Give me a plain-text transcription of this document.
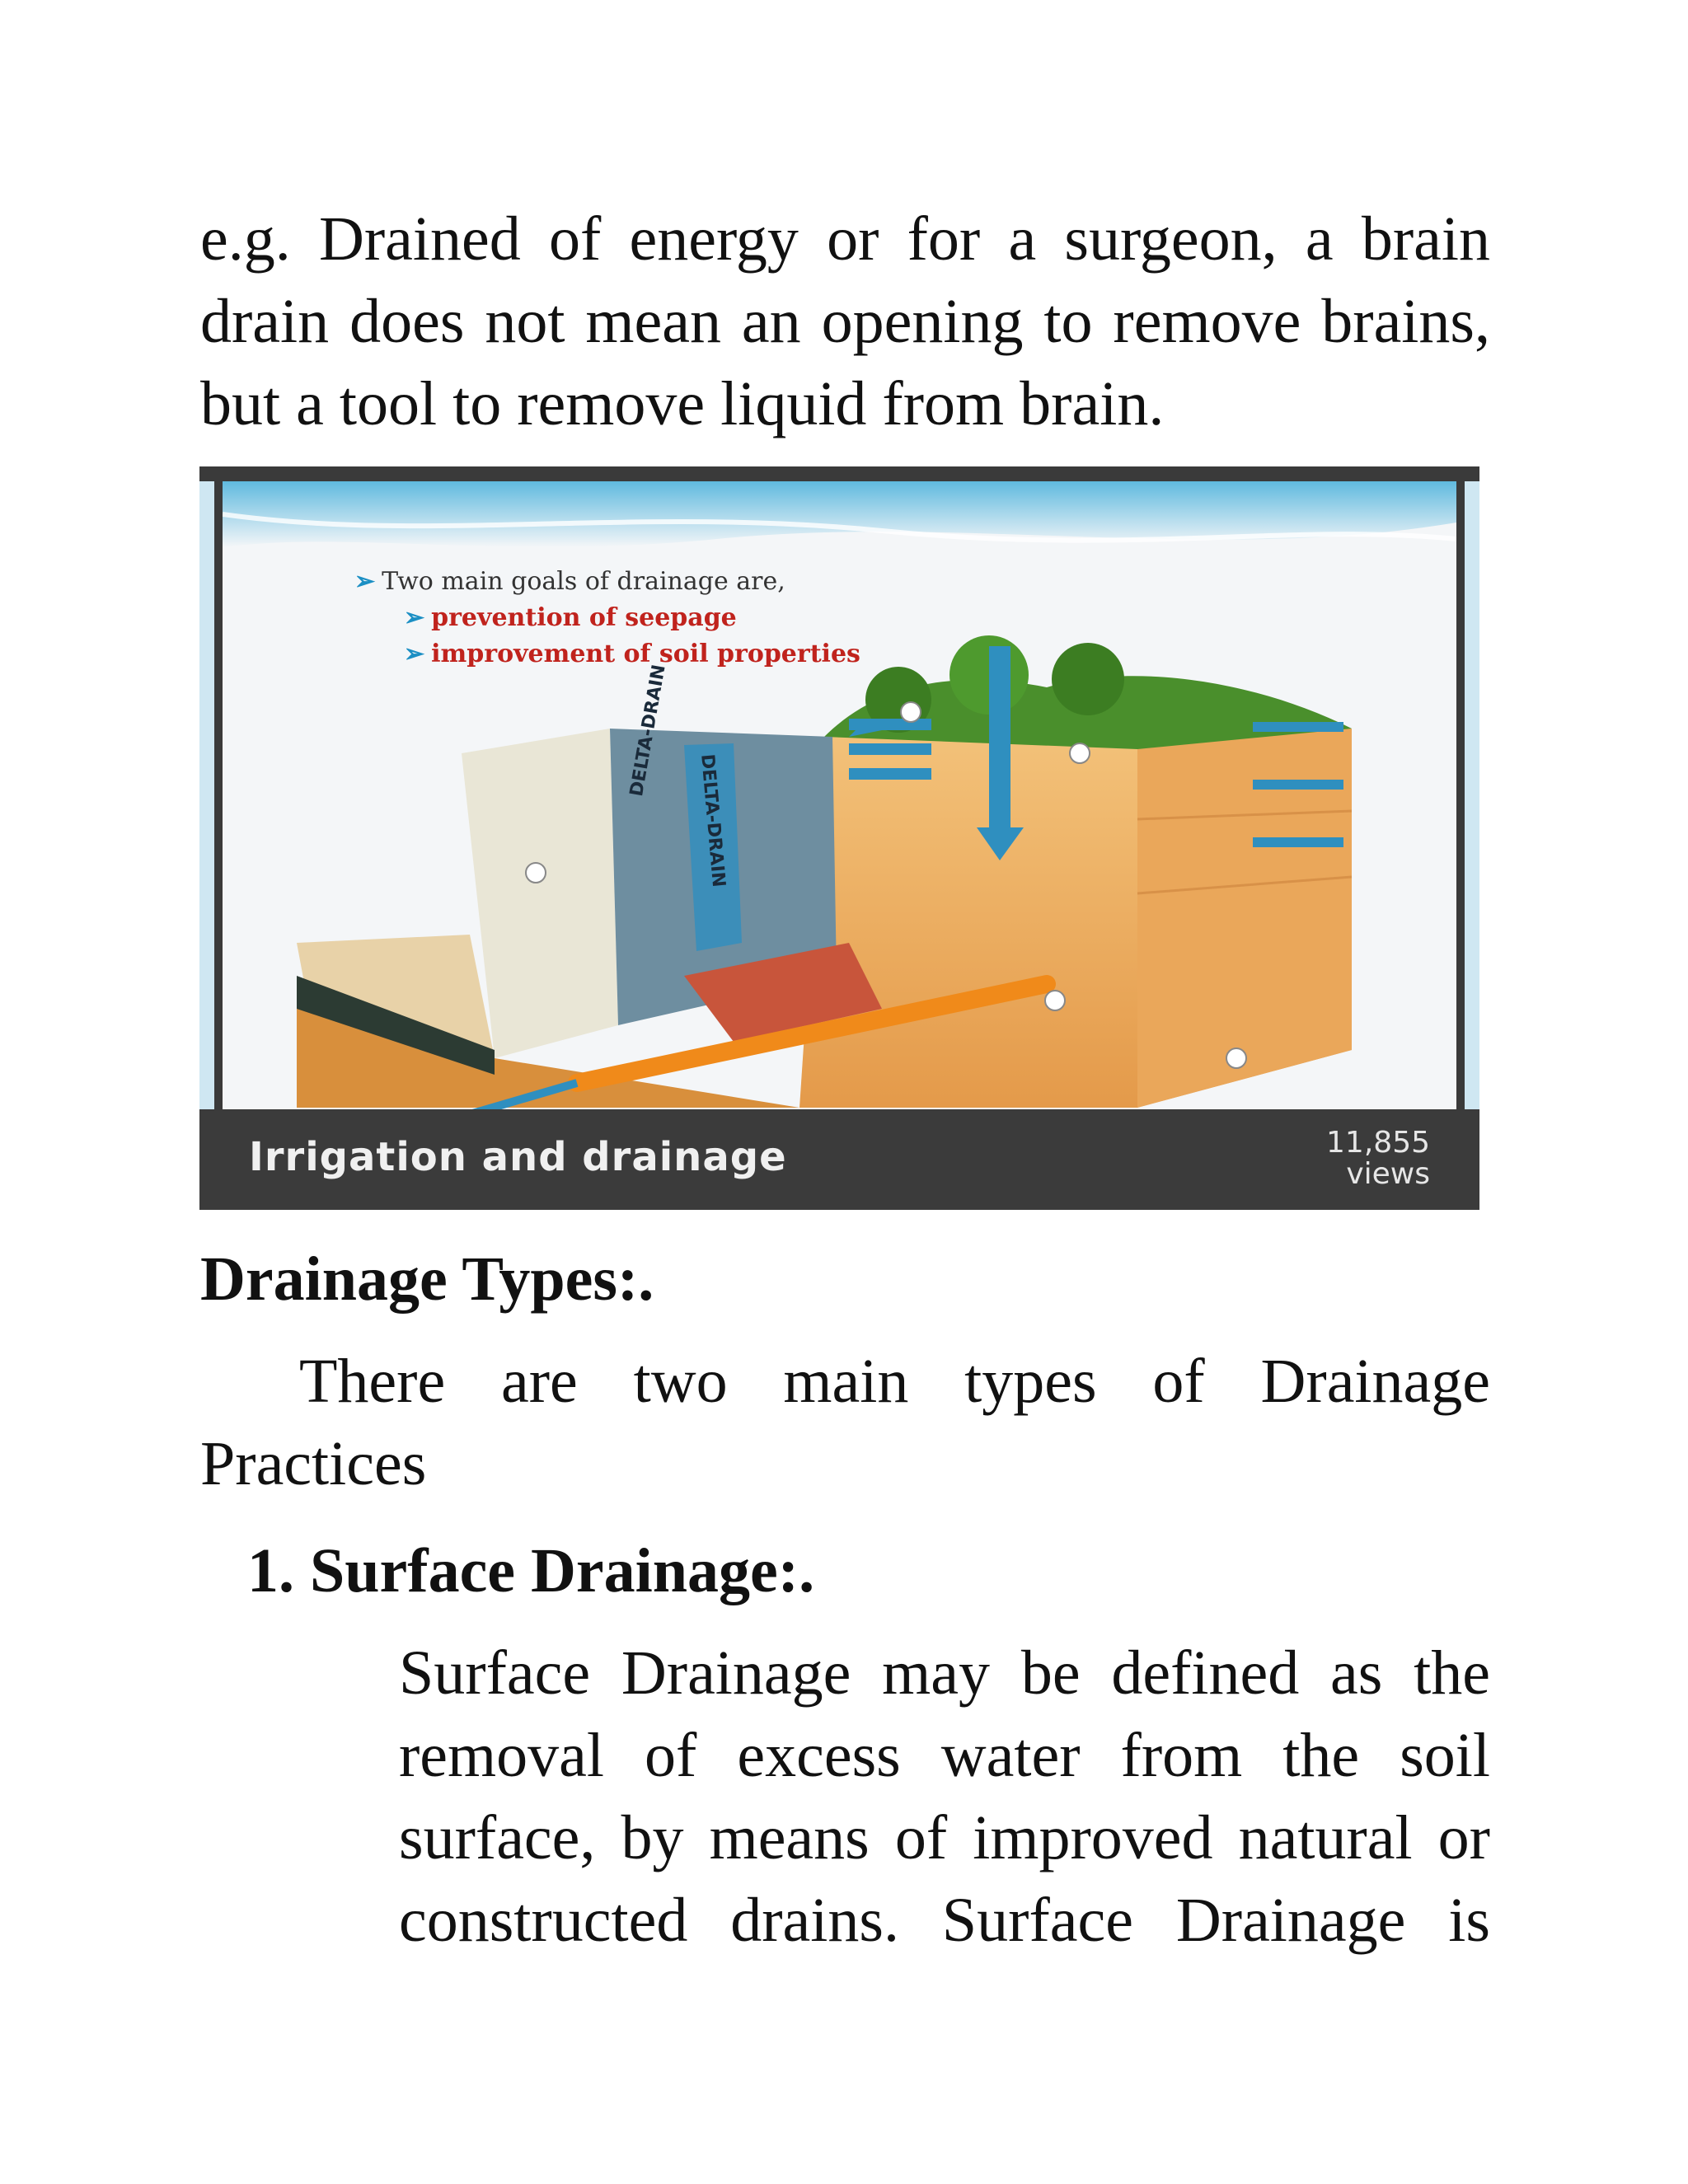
e.g. Drained of energy or for a surgeon, a brain
drain does not mean an opening to remove brains,
but a tool to remove liquid from brain.
DELTA-DRAIN
DELTA-DRAIN
➢ Two main goals of drainage are,
➢ prevention of seepage
➢ improvement of soil properties
Irrigation and drainage	11,855
views
Drainage Types:.
There are two main types of Drainage
Practices
1. Surface Drainage:.
Surface Drainage may be defined as the
removal of excess water from the soil
surface, by means of improved natural or
constructed drains. Surface Drainage is
